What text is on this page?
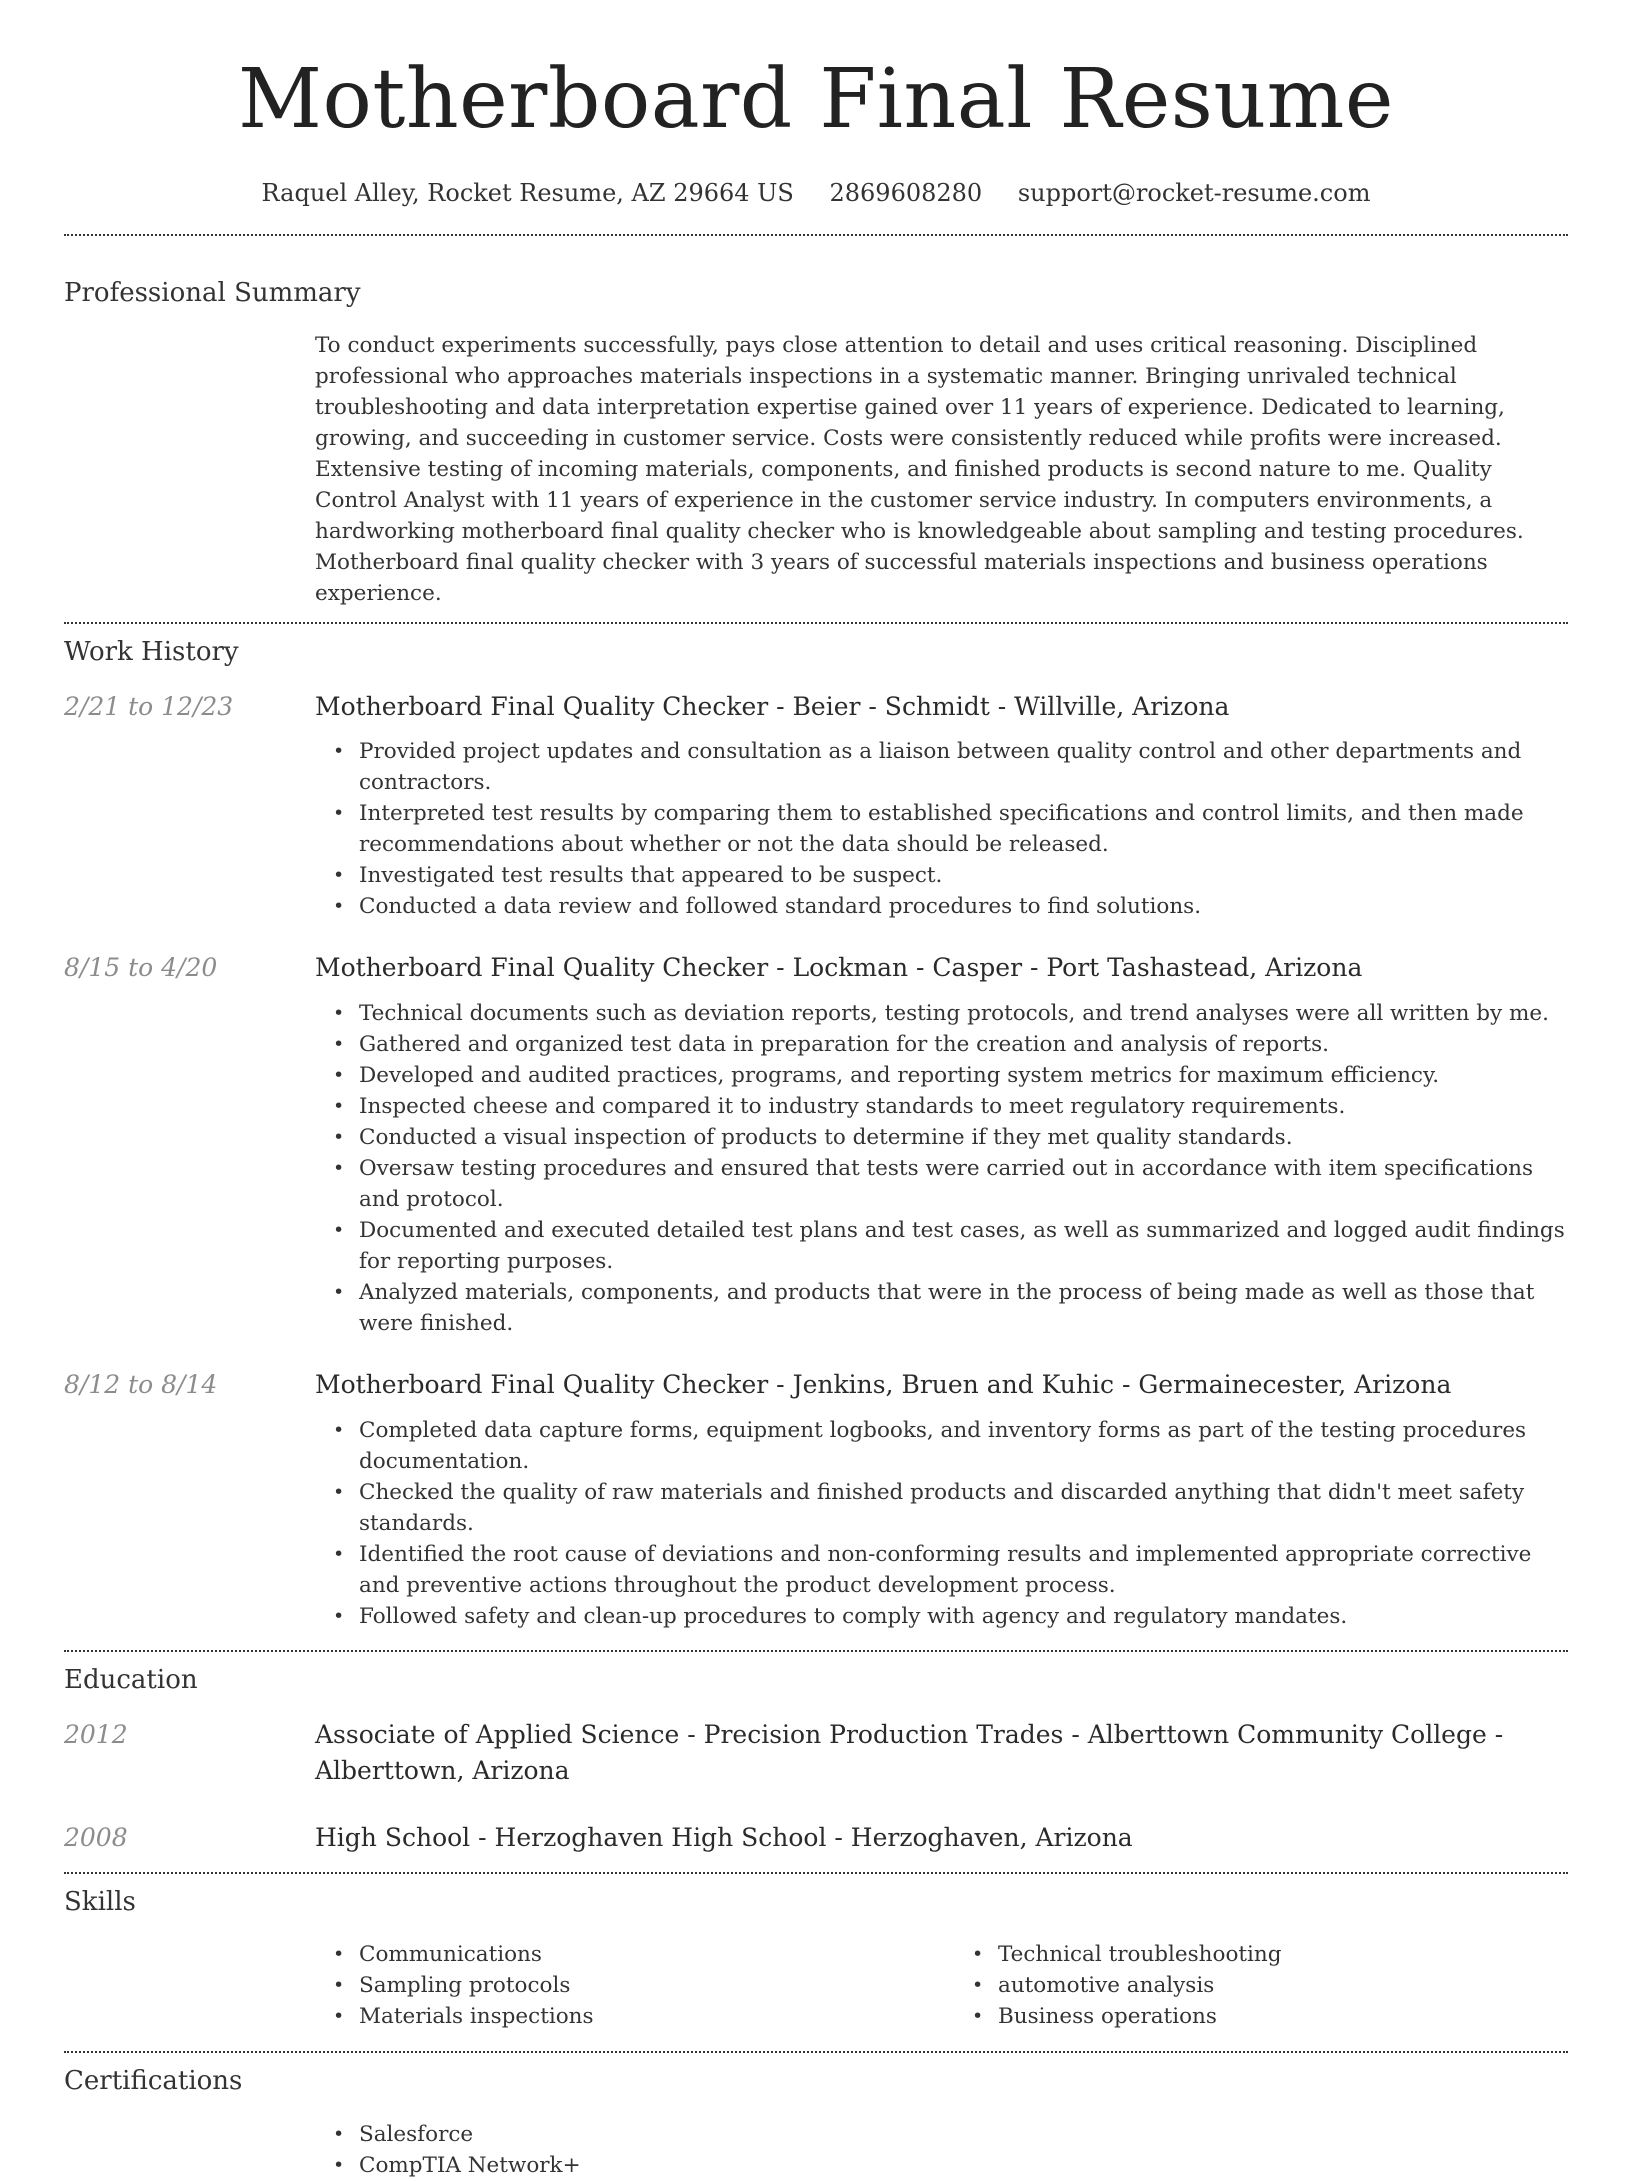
Motherboard Final Resume
Raquel Alley, Rocket Resume, AZ 29664 US 2869608280 support@rocket-resume.com
Professional Summary
To conduct experiments successfully, pays close attention to detail and uses critical reasoning. Disciplined professional who approaches materials inspections in a systematic manner. Bringing unrivaled technical troubleshooting and data interpretation expertise gained over 11 years of experience. Dedicated to learning, growing, and succeeding in customer service. Costs were consistently reduced while profits were increased. Extensive testing of incoming materials, components, and finished products is second nature to me. Quality Control Analyst with 11 years of experience in the customer service industry. In computers environments, a hardworking motherboard final quality checker who is knowledgeable about sampling and testing procedures. Motherboard final quality checker with 3 years of successful materials inspections and business operations experience.
Work History
2/21 to 12/23	Motherboard Final Quality Checker - Beier - Schmidt - Willville, Arizona
• Provided project updates and consultation as a liaison between quality control and other departments and contractors.
• Interpreted test results by comparing them to established specifications and control limits, and then made recommendations about whether or not the data should be released.
• Investigated test results that appeared to be suspect.
• Conducted a data review and followed standard procedures to find solutions.
8/15 to 4/20	Motherboard Final Quality Checker - Lockman - Casper - Port Tashastead, Arizona
• Technical documents such as deviation reports, testing protocols, and trend analyses were all written by me.
• Gathered and organized test data in preparation for the creation and analysis of reports.
• Developed and audited practices, programs, and reporting system metrics for maximum efficiency.
• Inspected cheese and compared it to industry standards to meet regulatory requirements.
• Conducted a visual inspection of products to determine if they met quality standards.
• Oversaw testing procedures and ensured that tests were carried out in accordance with item specifications and protocol.
• Documented and executed detailed test plans and test cases, as well as summarized and logged audit findings for reporting purposes.
• Analyzed materials, components, and products that were in the process of being made as well as those that were finished.
8/12 to 8/14	Motherboard Final Quality Checker - Jenkins, Bruen and Kuhic - Germainecester, Arizona
• Completed data capture forms, equipment logbooks, and inventory forms as part of the testing procedures documentation.
• Checked the quality of raw materials and finished products and discarded anything that didn't meet safety standards.
• Identified the root cause of deviations and non-conforming results and implemented appropriate corrective and preventive actions throughout the product development process.
• Followed safety and clean-up procedures to comply with agency and regulatory mandates.
Education
2012	Associate of Applied Science - Precision Production Trades - Alberttown Community College - Alberttown, Arizona
2008	High School - Herzoghaven High School - Herzoghaven, Arizona
Skills
• Communications
• Sampling protocols
• Materials inspections
• Technical troubleshooting
• automotive analysis
• Business operations
Certifications
• Salesforce
• CompTIA Network+
